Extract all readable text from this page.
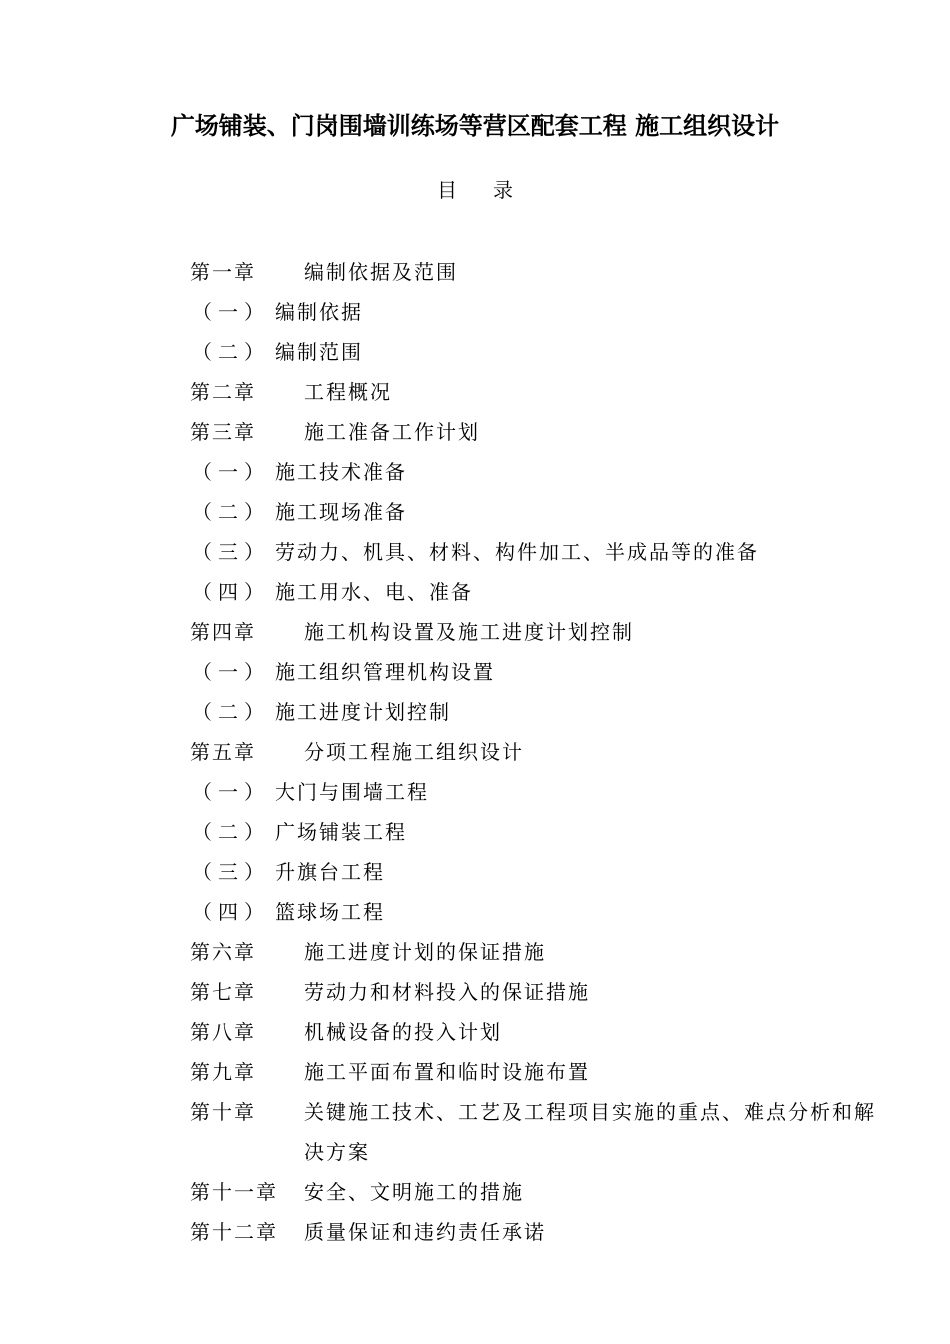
广场铺装、门岗围墙训练场等营区配套工程 施工组织设计
目录
第一章 编制依据及范围
（一） 编制依据
（二） 编制范围
第二章 工程概况
第三章 施工准备工作计划
（一） 施工技术准备
（二） 施工现场准备
（三） 劳动力、机具、材料、构件加工、半成品等的准备
（四） 施工用水、电、准备
第四章 施工机构设置及施工进度计划控制
（一） 施工组织管理机构设置
（二） 施工进度计划控制
第五章 分项工程施工组织设计
（一） 大门与围墙工程
（二） 广场铺装工程
（三） 升旗台工程
（四） 篮球场工程
第六章 施工进度计划的保证措施
第七章 劳动力和材料投入的保证措施
第八章 机械设备的投入计划
第九章 施工平面布置和临时设施布置
第十章 关键施工技术、工艺及工程项目实施的重点、难点分析和解决方案
第十一章 安全、文明施工的措施
第十二章 质量保证和违约责任承诺
